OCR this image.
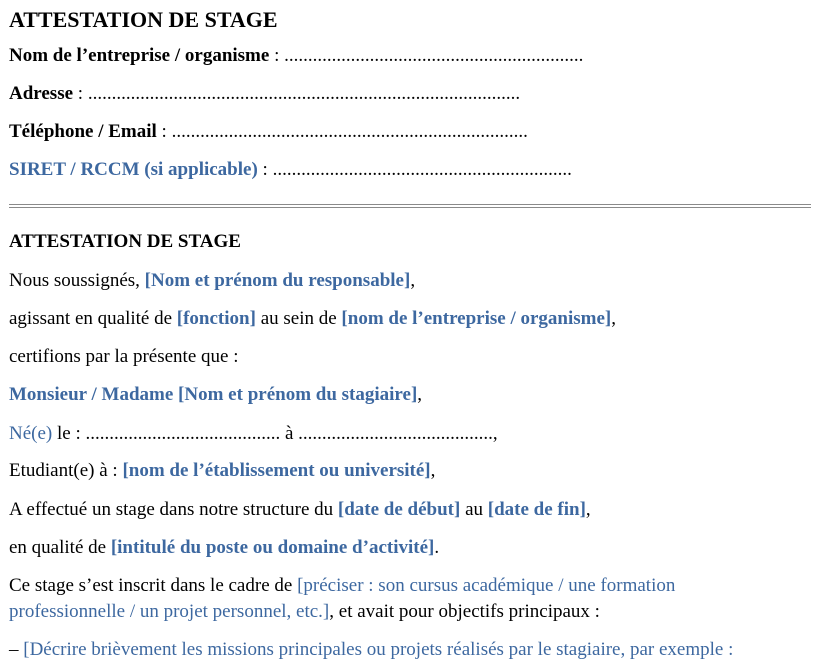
ATTESTATION DE STAGE
Nom de l’entreprise / organisme : ...............................................................
Adresse : ...........................................................................................
Téléphone / Email : ...........................................................................
SIRET / RCCM (si applicable) : ...............................................................
ATTESTATION DE STAGE
Nous soussignés, [Nom et prénom du responsable],
agissant en qualité de [fonction] au sein de [nom de l’entreprise / organisme],
certifions par la présente que :
Monsieur / Madame [Nom et prénom du stagiaire],
Né(e) le : ......................................... à .........................................,
Etudiant(e) à : [nom de l’établissement ou université],
A effectué un stage dans notre structure du [date de début] au [date de fin],
en qualité de [intitulé du poste ou domaine d’activité].
Ce stage s’est inscrit dans le cadre de [préciser : son cursus académique / une formation professionnelle / un projet personnel, etc.], et avait pour objectifs principaux :
– [Décrire brièvement les missions principales ou projets réalisés par le stagiaire, par exemple :
